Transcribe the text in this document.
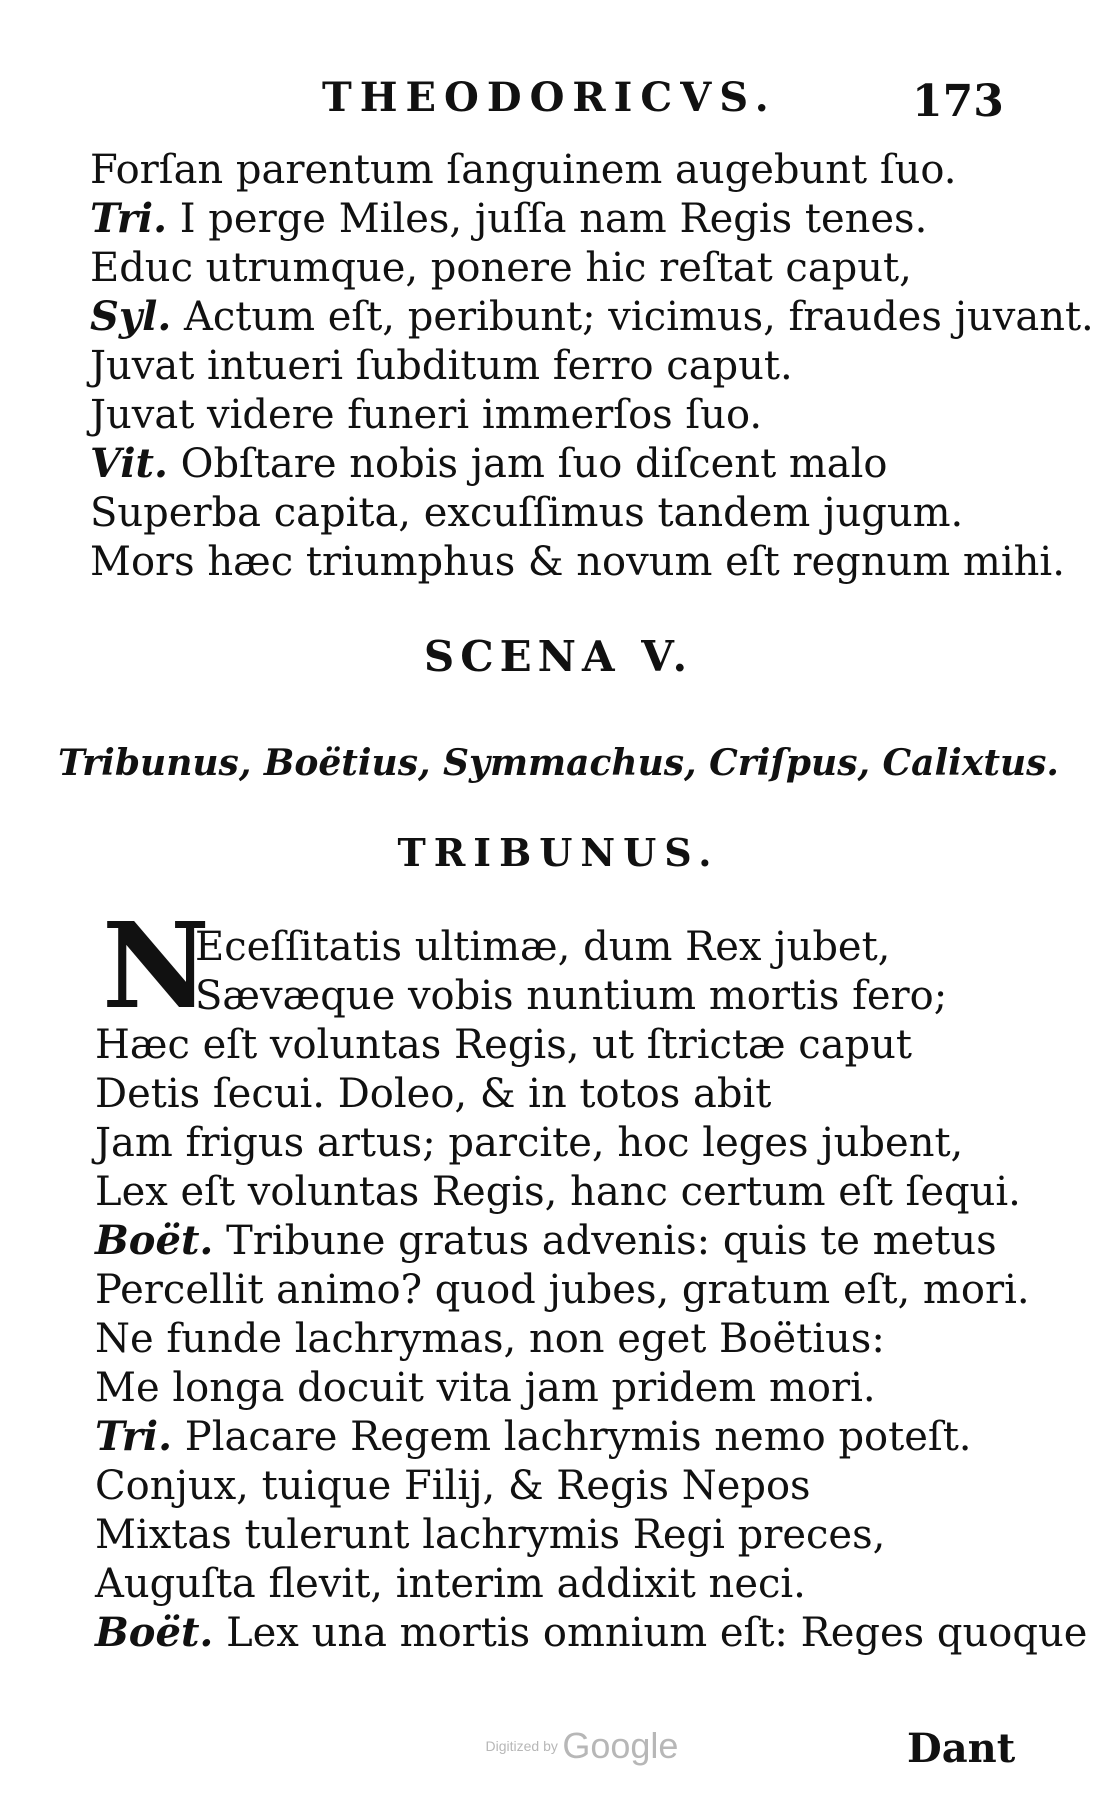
THEODORICVS.	173
Forſan parentum ſanguinem augebunt ſuo.
Tri. I perge Miles, juſſa nam Regis tenes.
Educ utrumque, ponere hic reſtat caput,
Syl. Actum eſt, peribunt; vicimus, fraudes juvant.
Juvat intueri ſubditum ferro caput.
Juvat videre funeri immerſos ſuo.
Vit. Obſtare nobis jam ſuo diſcent malo
Superba capita, excuſſimus tandem jugum.
Mors hæc triumphus & novum eſt regnum mihi.
SCENA V.
Tribunus, Boëtius, Symmachus, Criſpus, Calixtus.
TRIBUNUS.
N
Eceſſitatis ultimæ, dum Rex jubet,
Sævæque vobis nuntium mortis fero;
Hæc eſt voluntas Regis, ut ſtrictæ caput
Detis ſecui. Doleo, & in totos abit
Jam frigus artus; parcite, hoc leges jubent,
Lex eſt voluntas Regis, hanc certum eſt ſequi.
Boët. Tribune gratus advenis: quis te metus
Percellit animo? quod jubes, gratum eſt, mori.
Ne funde lachrymas, non eget Boëtius:
Me longa docuit vita jam pridem mori.
Tri. Placare Regem lachrymis nemo poteſt.
Conjux, tuique Filij, & Regis Nepos
Mixtas tulerunt lachrymis Regi preces,
Auguſta flevit, interim addixit neci.
Boët. Lex una mortis omnium eſt: Reges quoque
Dant
Digitized by Google
